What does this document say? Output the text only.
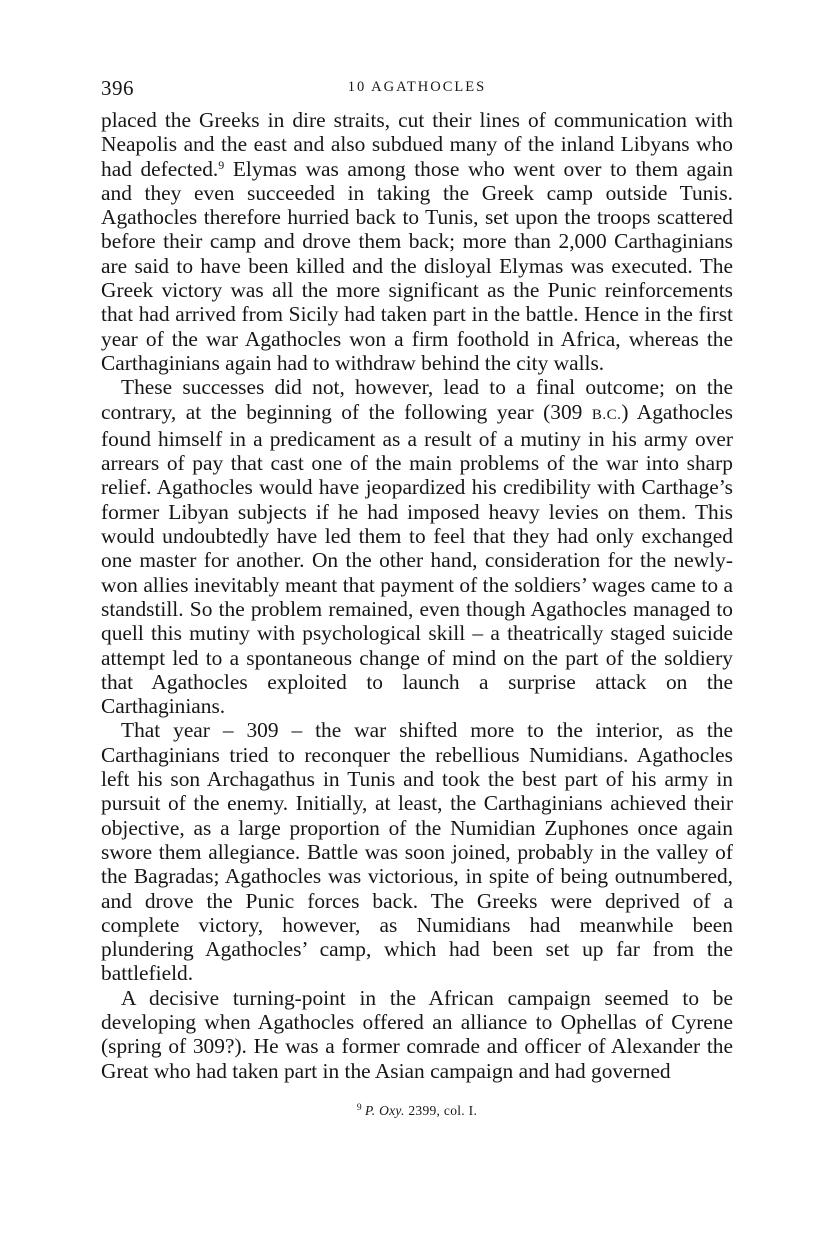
396	10 AGATHOCLES

placed the Greeks in dire straits, cut their lines of communication with Neapolis and the east and also subdued many of the inland Libyans who had defected.$^9$ Elymas was among those who went over to them again and they even succeeded in taking the Greek camp outside Tunis. Agathocles therefore hurried back to Tunis, set upon the troops scattered before their camp and drove them back; more than 2,000 Carthaginians are said to have been killed and the disloyal Elymas was executed. The Greek victory was all the more significant as the Punic reinforcements that had arrived from Sicily had taken part in the battle. Hence in the first year of the war Agathocles won a firm foothold in Africa, whereas the Carthaginians again had to withdraw behind the city walls.

These successes did not, however, lead to a final outcome; on the contrary, at the beginning of the following year (309 B.C.) Agathocles found himself in a predicament as a result of a mutiny in his army over arrears of pay that cast one of the main problems of the war into sharp relief. Agathocles would have jeopardized his credibility with Carthage’s former Libyan subjects if he had imposed heavy levies on them. This would undoubtedly have led them to feel that they had only exchanged one master for another. On the other hand, consideration for the newly-won allies inevitably meant that payment of the soldiers’ wages came to a standstill. So the problem remained, even though Agathocles managed to quell this mutiny with psychological skill – a theatrically staged suicide attempt led to a spontaneous change of mind on the part of the soldiery that Agathocles exploited to launch a surprise attack on the Carthaginians.

That year – 309 – the war shifted more to the interior, as the Carthaginians tried to reconquer the rebellious Numidians. Agathocles left his son Archagathus in Tunis and took the best part of his army in pursuit of the enemy. Initially, at least, the Carthaginians achieved their objective, as a large proportion of the Numidian Zuphones once again swore them allegiance. Battle was soon joined, probably in the valley of the Bagradas; Agathocles was victorious, in spite of being outnumbered, and drove the Punic forces back. The Greeks were deprived of a complete victory, however, as Numidians had meanwhile been plundering Agathocles’ camp, which had been set up far from the battlefield.

A decisive turning-point in the African campaign seemed to be developing when Agathocles offered an alliance to Ophellas of Cyrene (spring of 309?). He was a former comrade and officer of Alexander the Great who had taken part in the Asian campaign and had governed

$^9$ P. Oxy. 2399, col. I.
